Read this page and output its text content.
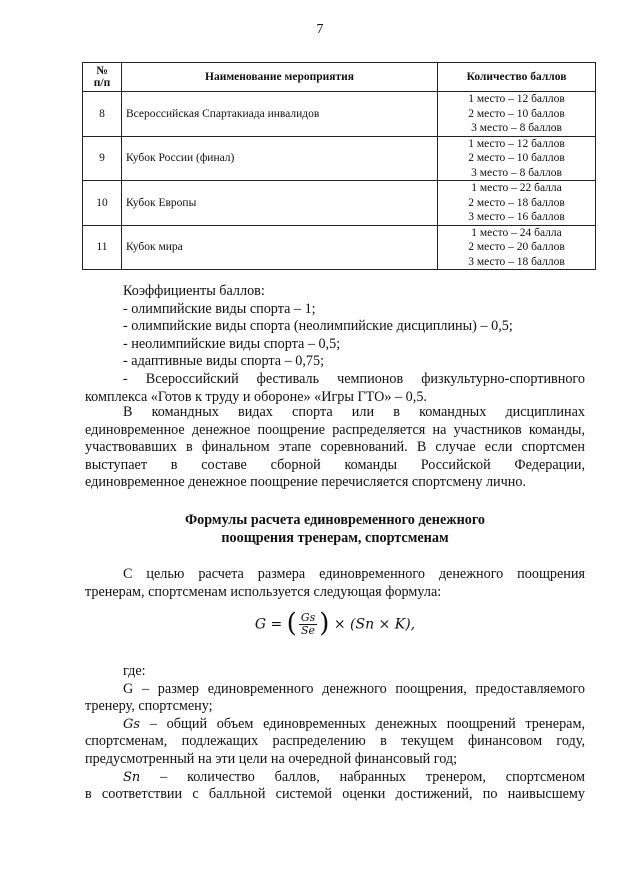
7
№
п/п	Наименование мероприятия	Количество баллов
8	Всероссийская Спартакиада инвалидов	1 место – 12 баллов
2 место – 10 баллов
3 место – 8 баллов

9	Кубок России (финал)	1 место – 12 баллов
2 место – 10 баллов
3 место – 8 баллов

10	Кубок Европы	1 место – 22 балла
2 место – 18 баллов
3 место – 16 баллов

11	Кубок мира	1 место – 24 балла
2 место – 20 баллов
3 место – 18 баллов

Коэффициенты баллов:

- олимпийские виды спорта – 1;

- олимпийские виды спорта (неолимпийские дисциплины) – 0,5;

- неолимпийские виды спорта – 0,5;

- адаптивные виды спорта – 0,75;

- Всероссийский фестиваль чемпионов физкультурно-спортивного

комплекса «Готов к труду и обороне» «Игры ГТО» – 0,5.

В командных видах спорта или в командных дисциплинах

единовременное денежное поощрение распределяется на участников команды,

участвовавших в финальном этапе соревнований. В случае если спортсмен

выступает в составе сборной команды Российской Федерации,

единовременное денежное поощрение перечисляется спортсмену лично.

Формулы расчета единовременного денежного

поощрения тренерам, спортсменам

С целью расчета размера единовременного денежного поощрения

тренерам, спортсменам используется следующая формула:

G = ( $\frac{Gs}{Se}$ ) × (Sn × K),

где:

G – размер единовременного денежного поощрения, предоставляемого

тренеру, спортсмену;

Gs – общий объем единовременных денежных поощрений тренерам,

спортсменам, подлежащих распределению в текущем финансовом году,

предусмотренный на эти цели на очередной финансовый год;

Sn – количество баллов, набранных тренером, спортсменом

в соответствии с балльной системой оценки достижений, по наивысшему
